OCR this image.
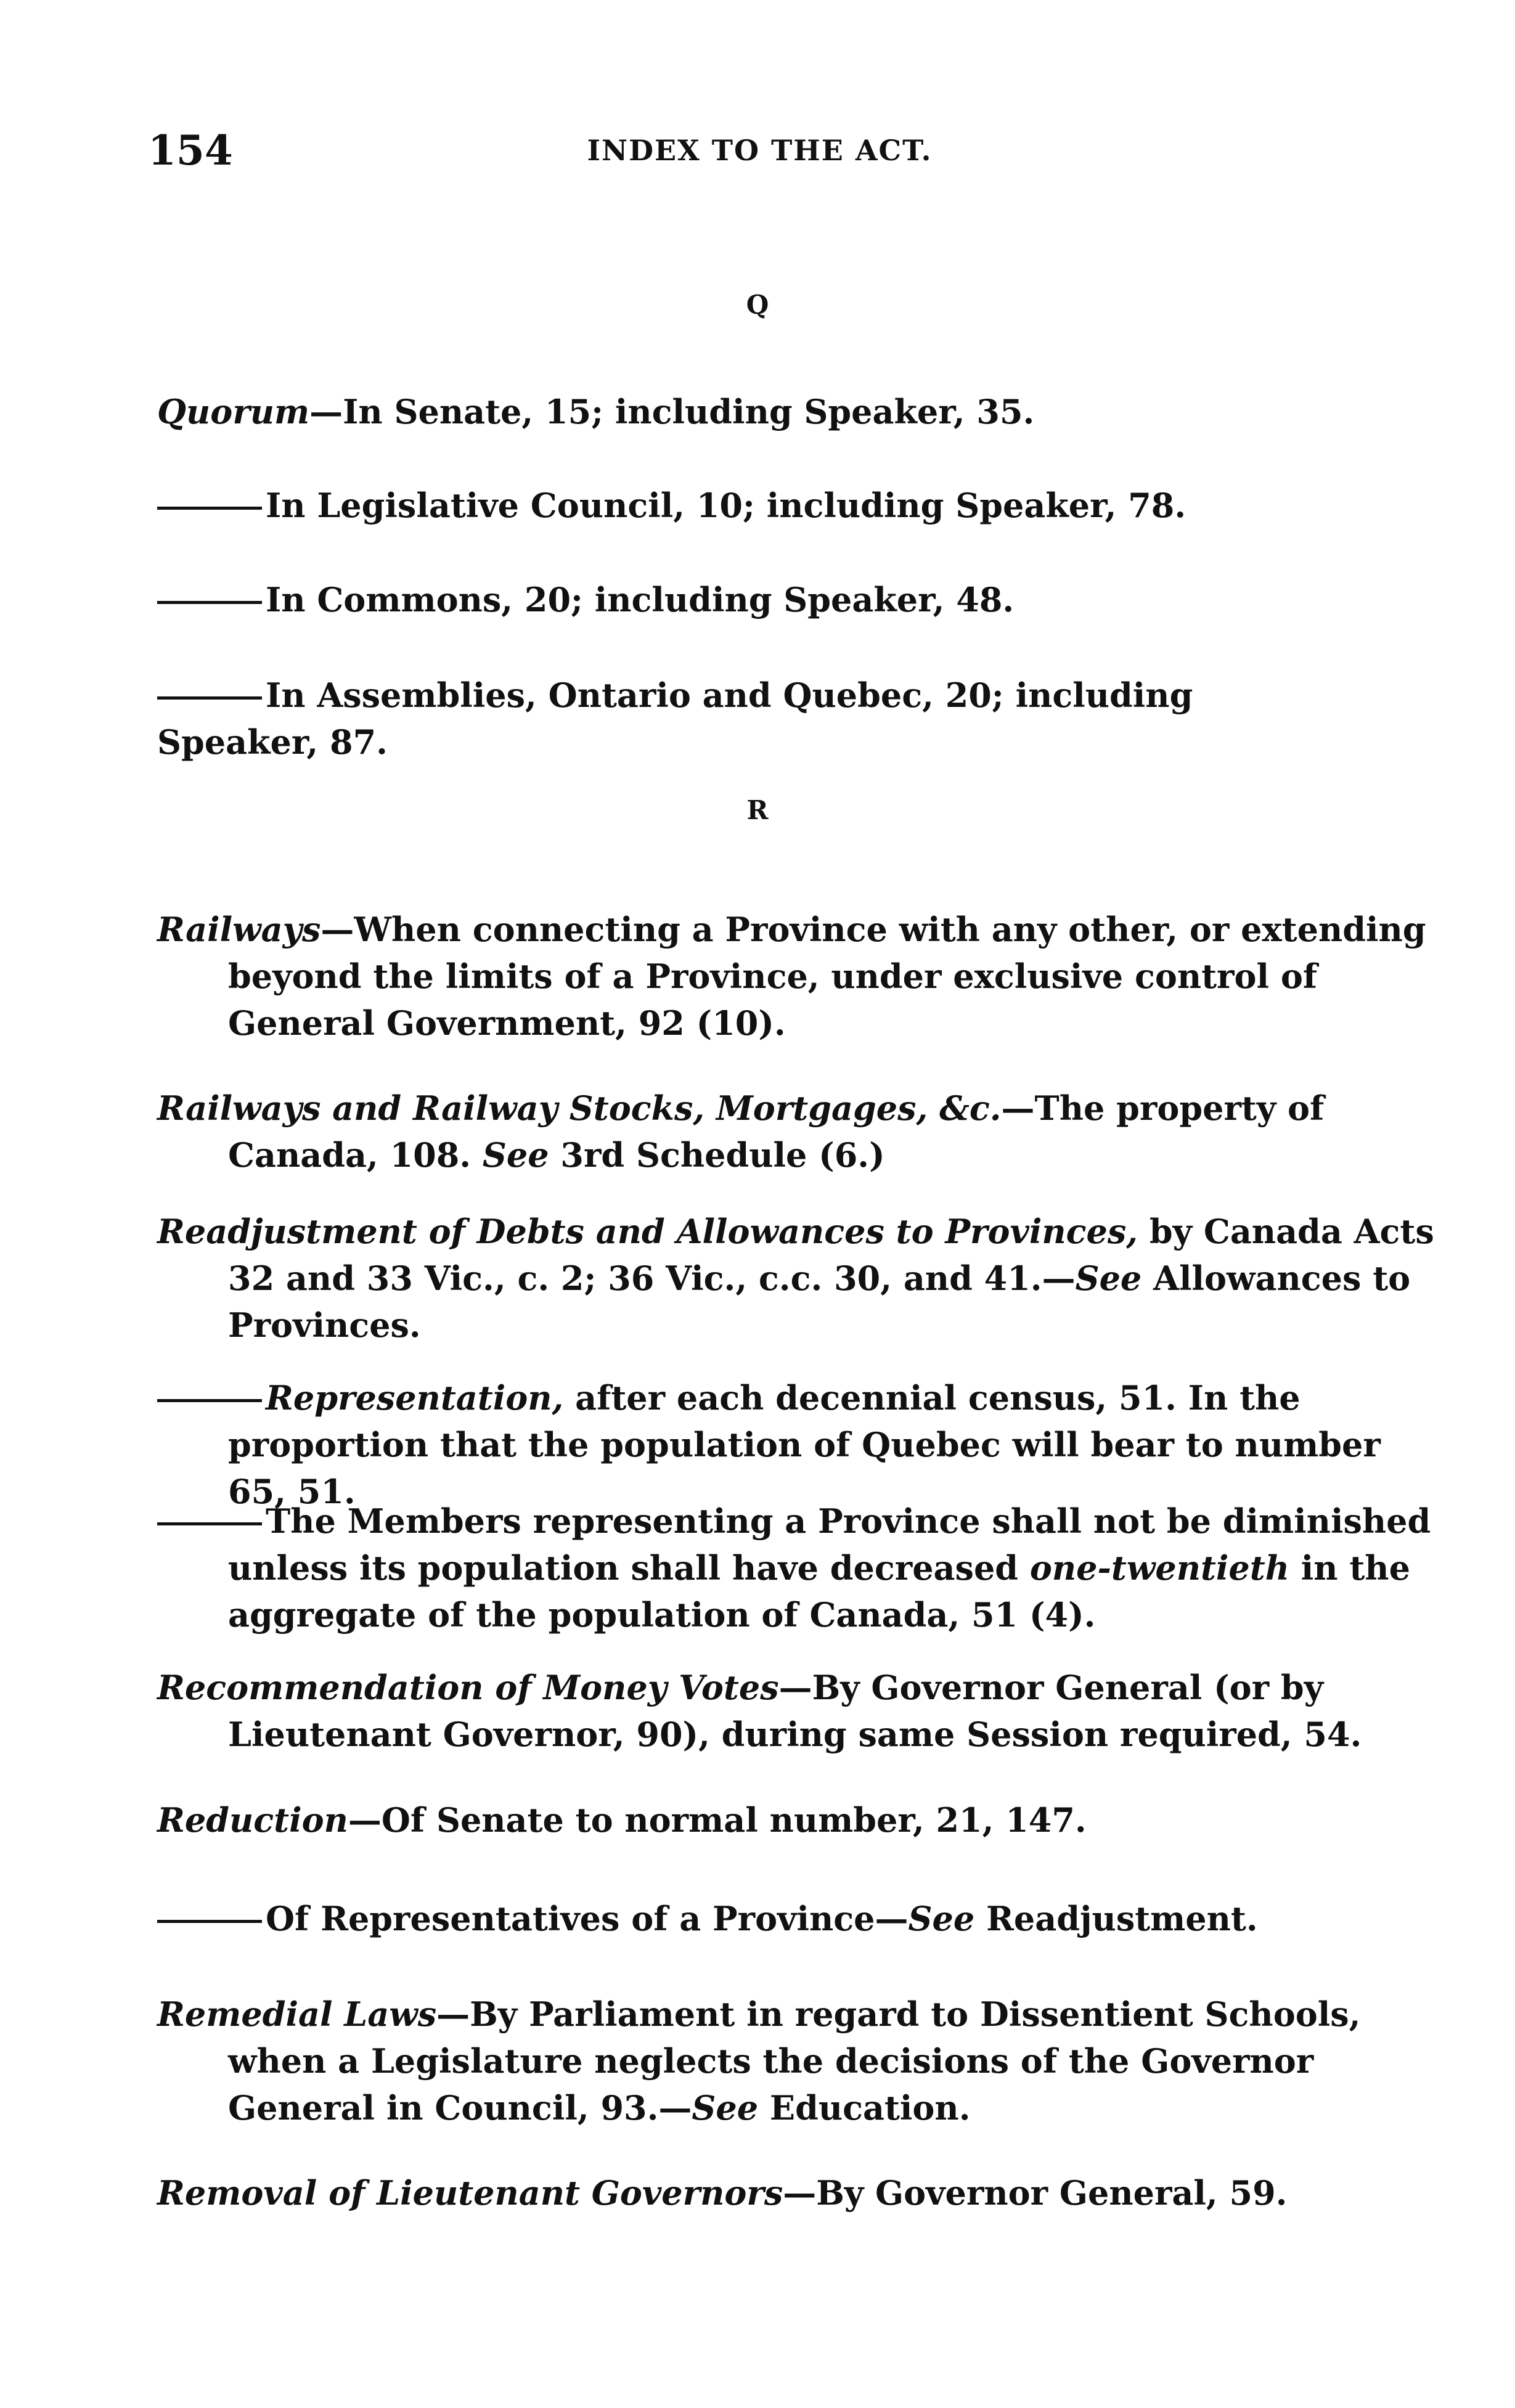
154	INDEX TO THE ACT.
Q
Quorum—In Senate, 15; including Speaker, 35.
In Legislative Council, 10; including Speaker, 78.
In Commons, 20; including Speaker, 48.
In Assemblies, Ontario and Quebec, 20; including Speaker, 87.
R
Railways—When connecting a Province with any other, or extending beyond the limits of a Province, under exclusive control of General Government, 92 (10).
Railways and Railway Stocks, Mortgages, &c.—The property of Canada, 108. See 3rd Schedule (6.)
Readjustment of Debts and Allowances to Provinces, by Canada Acts 32 and 33 Vic., c. 2; 36 Vic., c.c. 30, and 41.—See Allowances to Provinces.
Representation, after each decennial census, 51. In the proportion that the population of Quebec will bear to number 65, 51.
The Members representing a Province shall not be diminished unless its population shall have decreased one-twentieth in the aggregate of the population of Canada, 51 (4).
Recommendation of Money Votes—By Governor General (or by Lieutenant Governor, 90), during same Session required, 54.
Reduction—Of Senate to normal number, 21, 147.
Of Representatives of a Province—See Readjustment.
Remedial Laws—By Parliament in regard to Dissentient Schools, when a Legislature neglects the decisions of the Governor General in Council, 93.—See Education.
Removal of Lieutenant Governors—By Governor General, 59.
